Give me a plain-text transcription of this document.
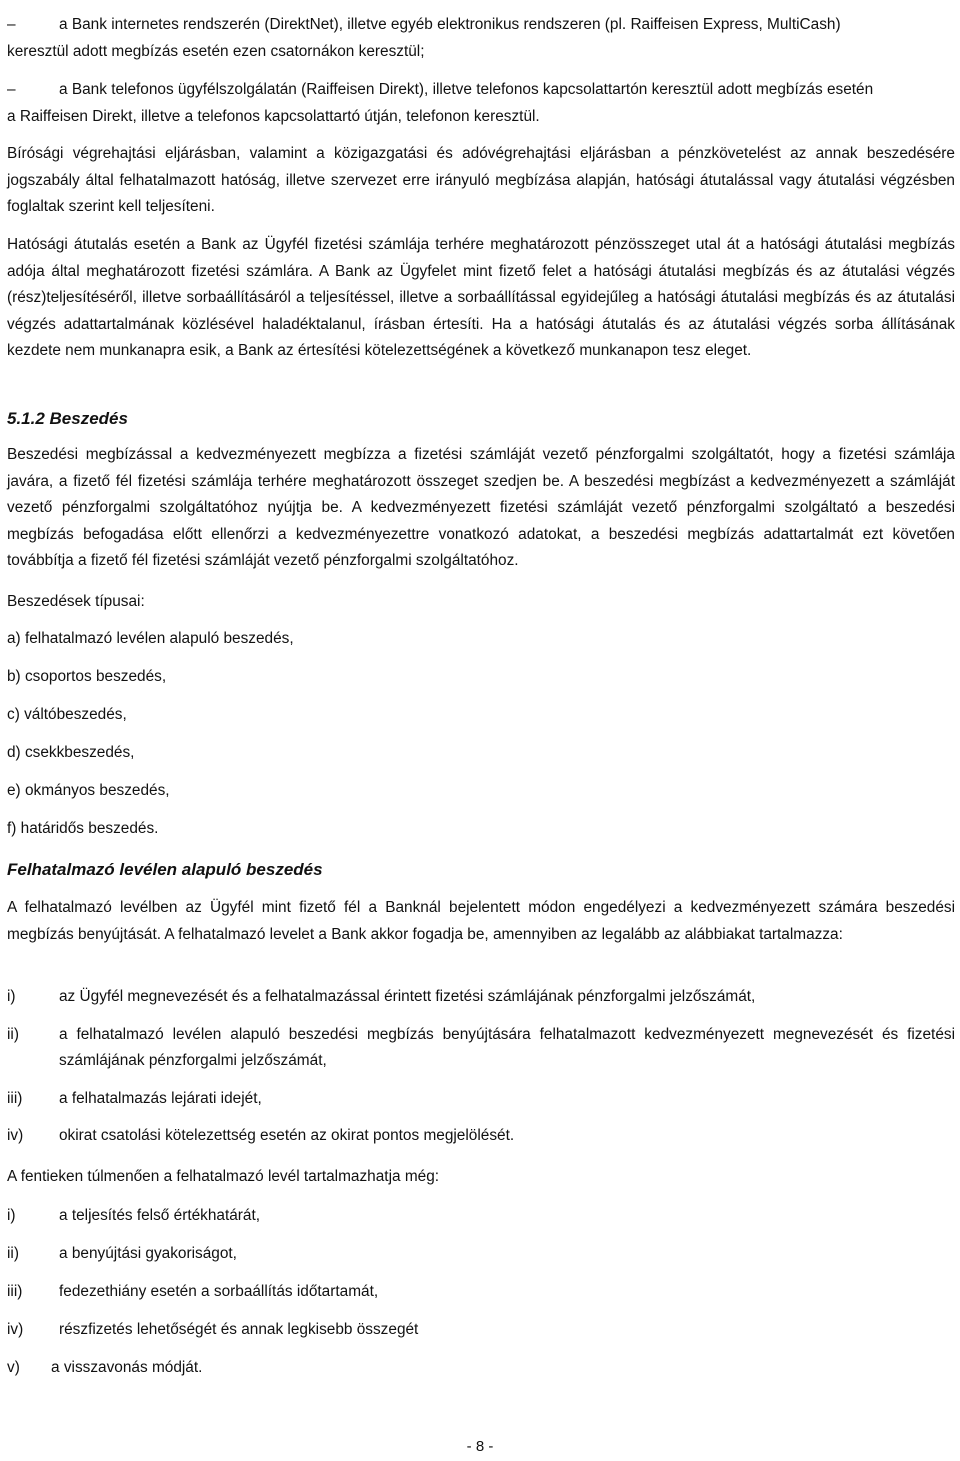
–	a Bank internetes rendszerén (DirektNet), illetve egyéb elektronikus rendszeren (pl. Raiffeisen Express, MultiCash)
keresztül adott megbízás esetén ezen csatornákon keresztül;
–	a Bank telefonos ügyfélszolgálatán (Raiffeisen Direkt), illetve telefonos kapcsolattartón keresztül adott megbízás esetén
a Raiffeisen Direkt, illetve a telefonos kapcsolattartó útján, telefonon keresztül.

Bírósági végrehajtási eljárásban, valamint a közigazgatási és adóvégrehajtási eljárásban a pénzkövetelést az annak beszedésére jogszabály által felhatalmazott hatóság, illetve szervezet erre irányuló megbízása alapján, hatósági átutalással vagy átutalási végzésben foglaltak szerint kell teljesíteni.

Hatósági átutalás esetén a Bank az Ügyfél fizetési számlája terhére meghatározott pénzösszeget utal át a hatósági átutalási megbízás adója által meghatározott fizetési számlára. A Bank az Ügyfelet mint fizető felet a hatósági átutalási megbízás és az átutalási végzés (rész)teljesítéséről, illetve sorbaállításáról a teljesítéssel, illetve a sorbaállítással egyidejűleg a hatósági átutalási megbízás és az átutalási végzés adattartalmának közlésével haladéktalanul, írásban értesíti. Ha a hatósági átutalás és az átutalási végzés sorba állításának kezdete nem munkanapra esik, a Bank az értesítési kötelezettségének a következő munkanapon tesz eleget.

5.1.2 Beszedés

Beszedési megbízással a kedvezményezett megbízza a fizetési számláját vezető pénzforgalmi szolgáltatót, hogy a fizetési számlája javára, a fizető fél fizetési számlája terhére meghatározott összeget szedjen be. A beszedési megbízást a kedvezményezett a számláját vezető pénzforgalmi szolgáltatóhoz nyújtja be. A kedvezményezett fizetési számláját vezető pénzforgalmi szolgáltató a beszedési megbízás befogadása előtt ellenőrzi a kedvezményezettre vonatkozó adatokat, a beszedési megbízás adattartalmát ezt követően továbbítja a fizető fél fizetési számláját vezető pénzforgalmi szolgáltatóhoz.

Beszedések típusai:

a) felhatalmazó levélen alapuló beszedés,
b) csoportos beszedés,
c) váltóbeszedés,
d) csekkbeszedés,
e) okmányos beszedés,
f) határidős beszedés.
Felhatalmazó levélen alapuló beszedés

A felhatalmazó levélben az Ügyfél mint fizető fél a Banknál bejelentett módon engedélyezi a kedvezményezett számára beszedési megbízás benyújtását. A felhatalmazó levelet a Bank akkor fogadja be, amennyiben az legalább az alábbiakat tartalmazza:

i)	az Ügyfél megnevezését és a felhatalmazással érintett fizetési számlájának pénzforgalmi jelzőszámát,
ii)	a felhatalmazó levélen alapuló beszedési megbízás benyújtására felhatalmazott kedvezményezett megnevezését és fizetési számlájának pénzforgalmi jelzőszámát,
iii)	a felhatalmazás lejárati idejét,
iv)	okirat csatolási kötelezettség esetén az okirat pontos megjelölését.

A fentieken túlmenően a felhatalmazó levél tartalmazhatja még:

i)	a teljesítés felső értékhatárát,
ii)	a benyújtási gyakoriságot,
iii)	fedezethiány esetén a sorbaállítás időtartamát,
iv)	részfizetés lehetőségét és annak legkisebb összegét
v)	a visszavonás módját.
- 8 -
